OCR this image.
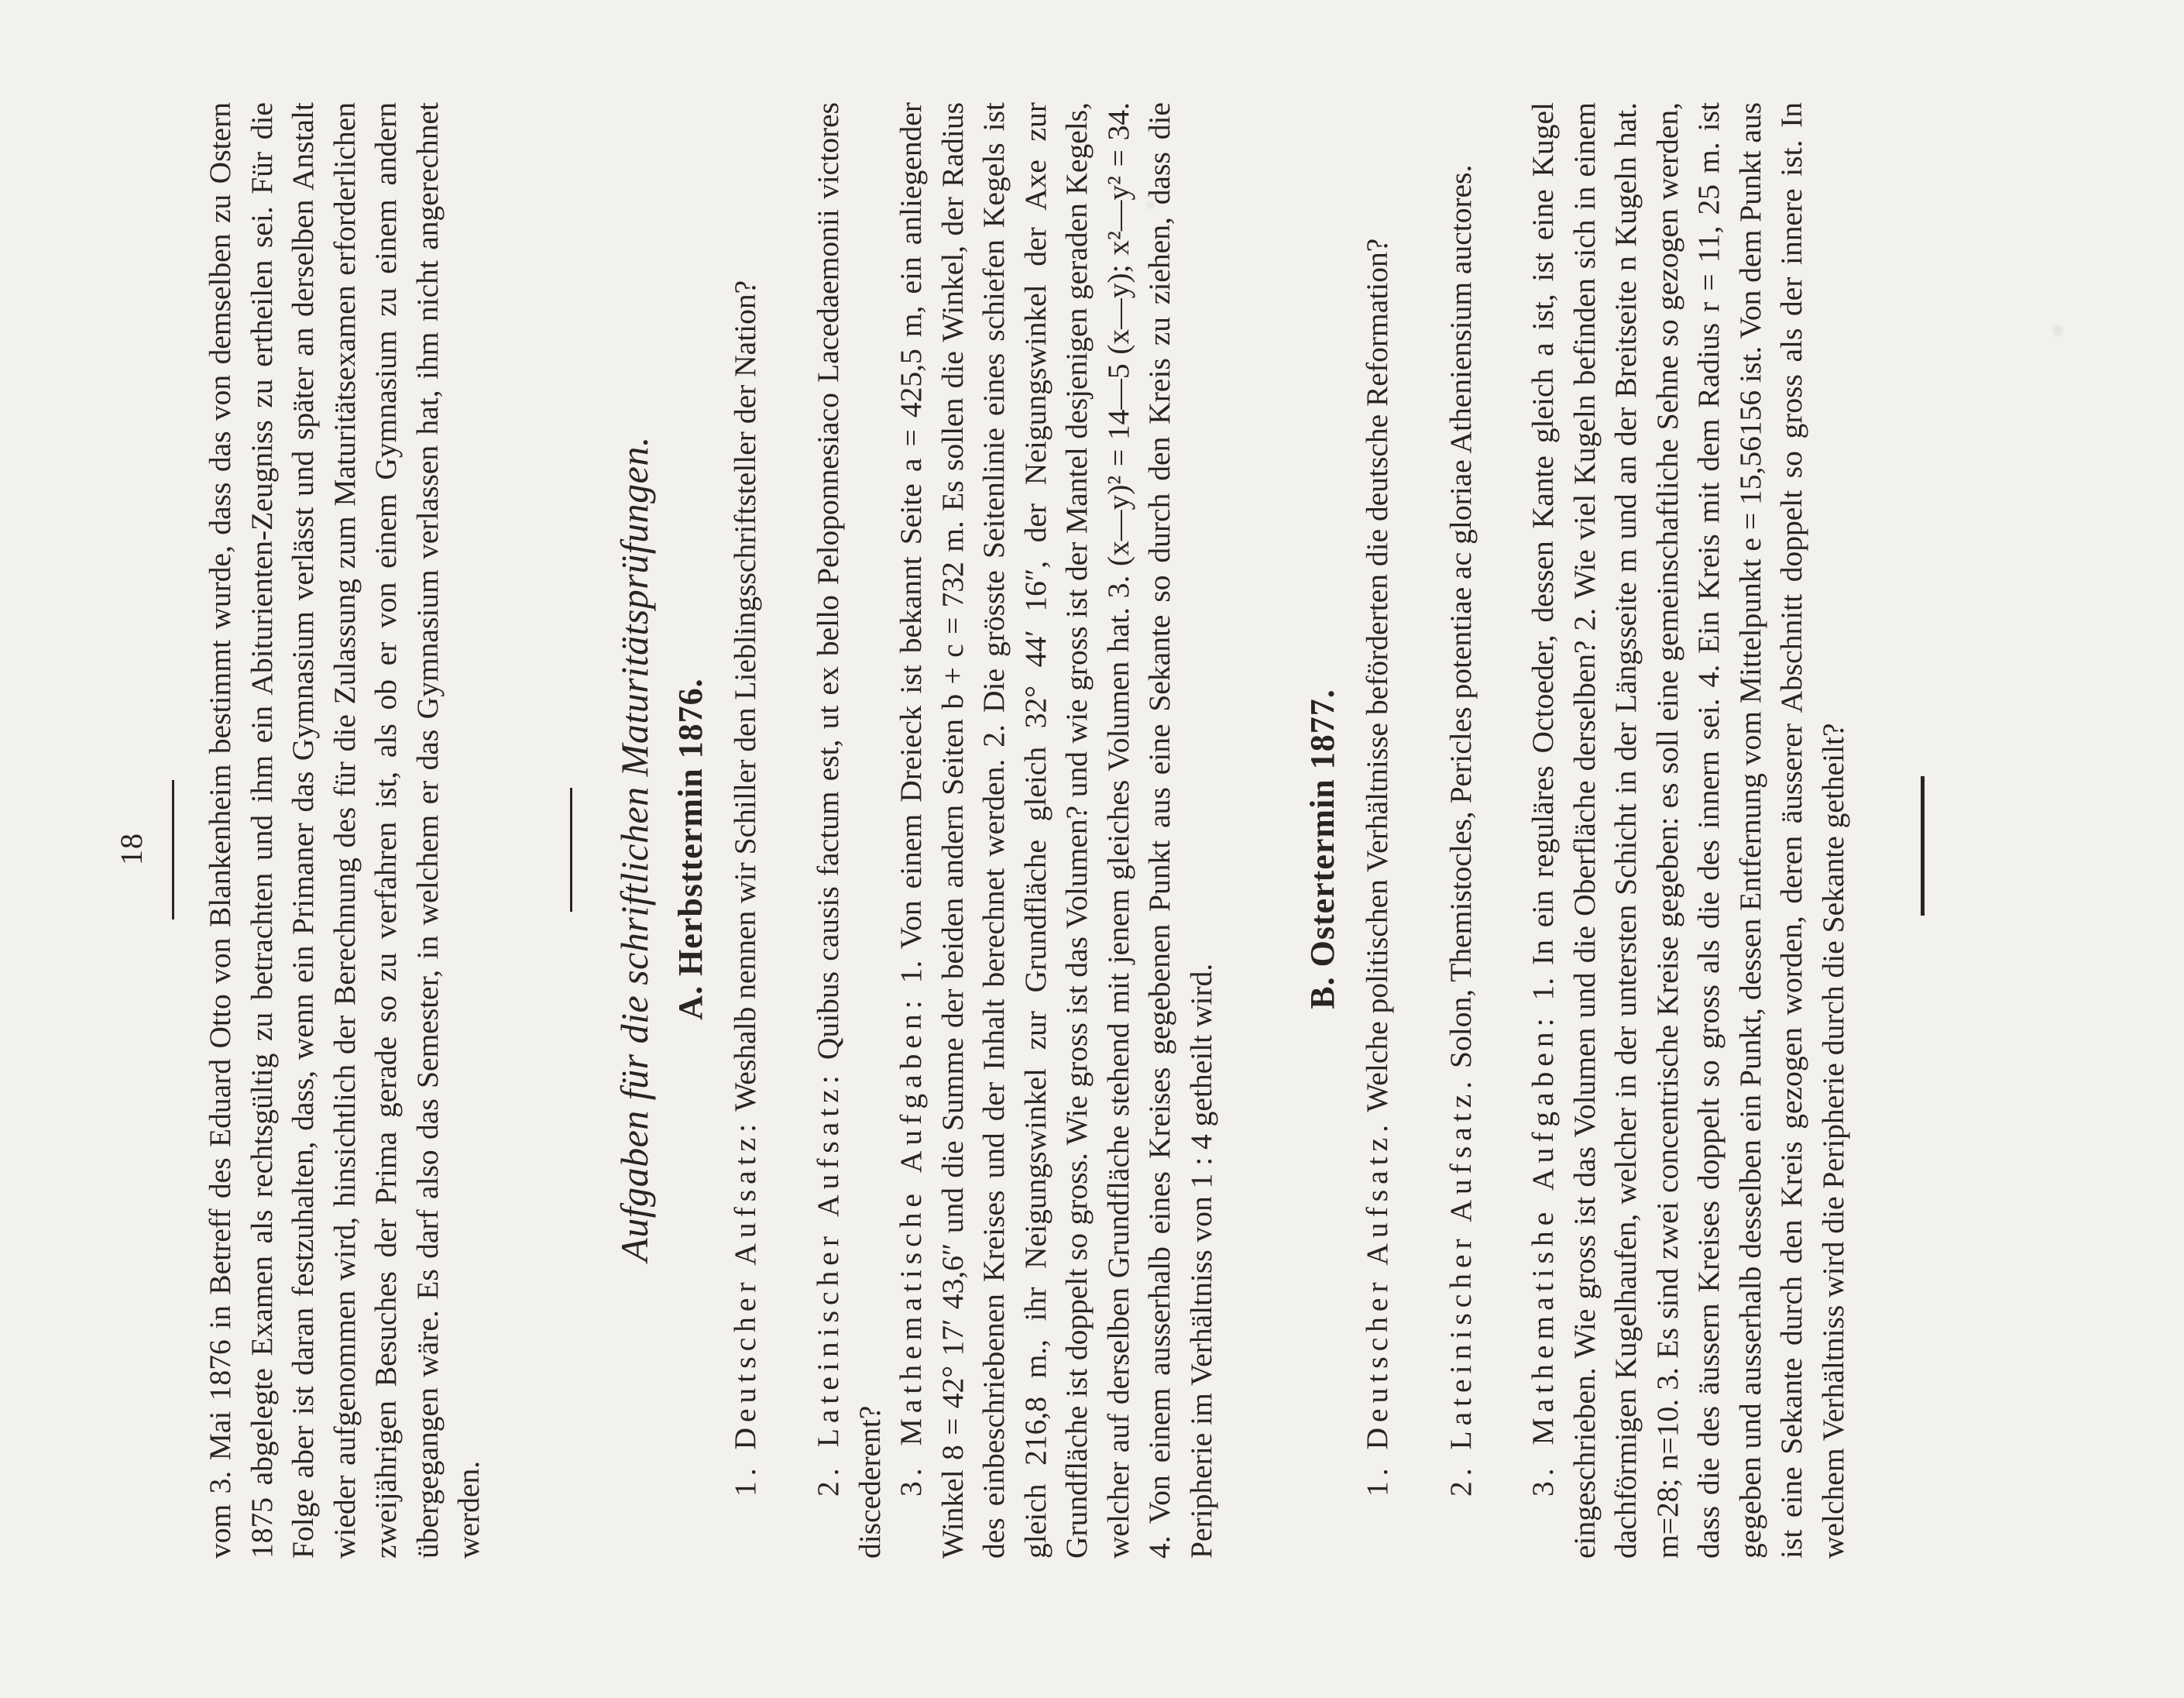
18 vom 3. Mai 1876 in Betreff des Eduard Otto von Blankenheim bestimmt wurde, dass das von demselben zu Ostern 1875 abgelegte Examen als rechtsgültig zu betrachten und ihm ein Abiturienten-Zeugniss zu ertheilen sei. Für die Folge aber ist daran festzuhalten, dass, wenn ein Primaner das Gymnasium verlässt und später an derselben Anstalt wieder aufgenommen wird, hinsichtlich der Berechnung des für die Zulassung zum Maturitätsexamen erforderlichen zweijährigen Besuches der Prima gerade so zu verfahren ist, als ob er von einem Gymnasium zu einem andern übergegangen wäre. Es darf also das Semester, in welchem er das Gymnasium verlassen hat, ihm nicht angerechnet werden.

Aufgaben für die schriftlichen Maturitätsprüfungen. A. Herbsttermin 1876.

1. Deutscher Aufsatz: Weshalb nennen wir Schiller den Lieblingsschriftsteller der Nation?

2. Lateinischer Aufsatz: Quibus causis factum est, ut ex bello Peloponnesiaco Lacedaemonii victores discederent? 3. Mathematische Aufgaben: 1. Von einem Dreieck ist bekannt Seite a = 425,5 m, ein anliegender Winkel 8 = 42° 17′ 43,6″ und die Summe der beiden andern Seiten b + c = 732 m. Es sollen die Winkel, der Radius des einbeschriebenen Kreises und der Inhalt berechnet werden. 2. Die grösste Seitenlinie eines schiefen Kegels ist gleich 216,8 m., ihr Neigungswinkel zur Grundfläche gleich 32° 44′ 16″, der Neigungswinkel der Axe zur Grundfläche ist doppelt so gross. Wie gross ist das Volumen? und wie gross ist der Mantel desjenigen geraden Kegels, welcher auf derselben Grundfläche stehend mit jenem gleiches Volumen hat. 3. (x—y)² = 14—5 (x—y); x²—y² = 34. 4. Von einem ausserhalb eines Kreises gegebenen Punkt aus eine Sekante so durch den Kreis zu ziehen, dass die Peripherie im Verhältniss von 1 : 4 getheilt wird.

B. Ostertermin 1877.

1. Deutscher Aufsatz. Welche politischen Verhältnisse beförderten die deutsche Reformation?

2. Lateinischer Aufsatz. Solon, Themistocles, Pericles potentiae ac gloriae Atheniensium auctores.

3. Mathematishe Aufgaben: 1. In ein reguläres Octoeder, dessen Kante gleich a ist, ist eine Kugel eingeschrieben. Wie gross ist das Volumen und die Oberfläche derselben? 2. Wie viel Kugeln befinden sich in einem dachförmigen Kugelhaufen, welcher in der untersten Schicht in der Längsseite m und an der Breitseite n Kugeln hat. m=28; n=10. 3. Es sind zwei concentrische Kreise gegeben: es soll eine gemeinschaftliche Sehne so gezogen werden, dass die des äussern Kreises doppelt so gross als die des innern sei. 4. Ein Kreis mit dem Radius r = 11, 25 m. ist gegeben und ausserhalb desselben ein Punkt, dessen Entfernung vom Mittelpunkt e = 15,56156 ist. Von dem Punkt aus ist eine Sekante durch den Kreis gezogen worden, deren äusserer Abschnitt doppelt so gross als der innere ist. In welchem Verhältniss wird die Peripherie durch die Sekante getheilt?
